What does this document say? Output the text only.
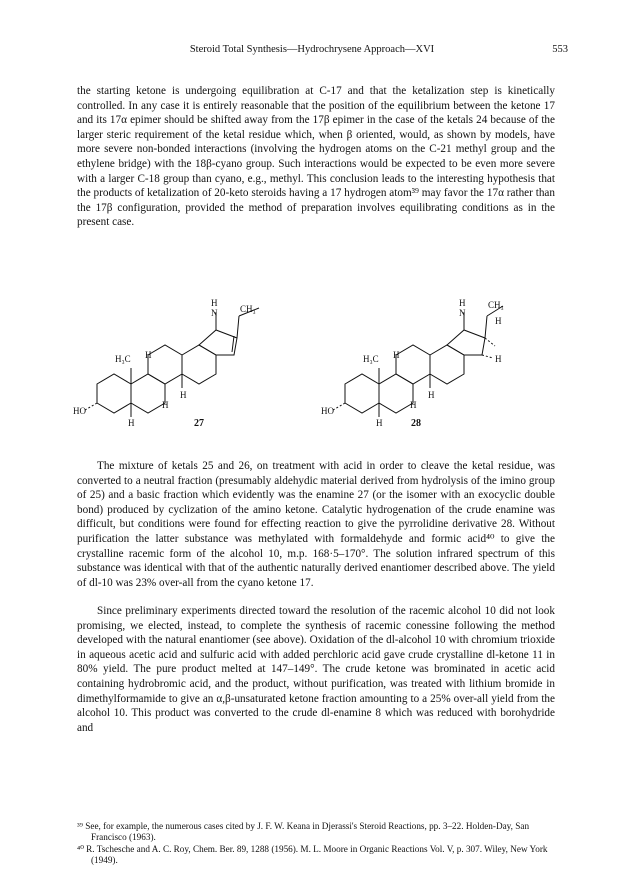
Steroid Total Synthesis—Hydrochrysene Approach—XVI	553

the starting ketone is undergoing equilibration at C-17 and that the ketalization step is kinetically controlled. In any case it is entirely reasonable that the position of the equilibrium between the ketone 17 and its 17α epimer should be shifted away from the 17β epimer in the case of the ketals 24 because of the larger steric requirement of the ketal residue which, when β oriented, would, as shown by models, have more severe non-bonded interactions (involving the hydrogen atoms on the C-21 methyl group and the ethylene bridge) with the 18β-cyano group. Such interactions would be expected to be even more severe with a larger C-18 group than cyano, e.g., methyl. This conclusion leads to the interesting hypothesis that the products of ketalization of 20-keto steroids having a 17 hydrogen atom³⁹ may favor the 17α rather than the 17β configuration, provided the method of preparation involves equilibrating conditions as in the present case.

H
N	CH₃
H₃C H
H
H
H
HO
H
N
CH₃
H
H
H₃C H
H
H
H
HO
27	28

The mixture of ketals 25 and 26, on treatment with acid in order to cleave the ketal residue, was converted to a neutral fraction (presumably aldehydic material derived from hydrolysis of the imino group of 25) and a basic fraction which evidently was the enamine 27 (or the isomer with an exocyclic double bond) produced by cyclization of the amino ketone. Catalytic hydrogenation of the crude enamine was difficult, but conditions were found for effecting reaction to give the pyrrolidine derivative 28. Without purification the latter substance was methylated with formaldehyde and formic acid⁴⁰ to give the crystalline racemic form of the alcohol 10, m.p. 168·5–170°. The solution infrared spectrum of this substance was identical with that of the authentic naturally derived enantiomer described above. The yield of dl-10 was 23% over-all from the cyano ketone 17.

Since preliminary experiments directed toward the resolution of the racemic alcohol 10 did not look promising, we elected, instead, to complete the synthesis of racemic conessine following the method developed with the natural enantiomer (see above). Oxidation of the dl-alcohol 10 with chromium trioxide in aqueous acetic acid and sulfuric acid with added perchloric acid gave crude crystalline dl-ketone 11 in 80% yield. The pure product melted at 147–149°. The crude ketone was brominated in acetic acid containing hydrobromic acid, and the product, without purification, was treated with lithium bromide in dimethylformamide to give an α,β-unsaturated ketone fraction amounting to a 25% over-all yield from the alcohol 10. This product was converted to the crude dl-enamine 8 which was reduced with borohydride and

³⁹ See, for example, the numerous cases cited by J. F. W. Keana in Djerassi's Steroid Reactions, pp. 3–22. Holden-Day, San Francisco (1963).

⁴⁰ R. Tschesche and A. C. Roy, Chem. Ber. 89, 1288 (1956). M. L. Moore in Organic Reactions Vol. V, p. 307. Wiley, New York (1949).
